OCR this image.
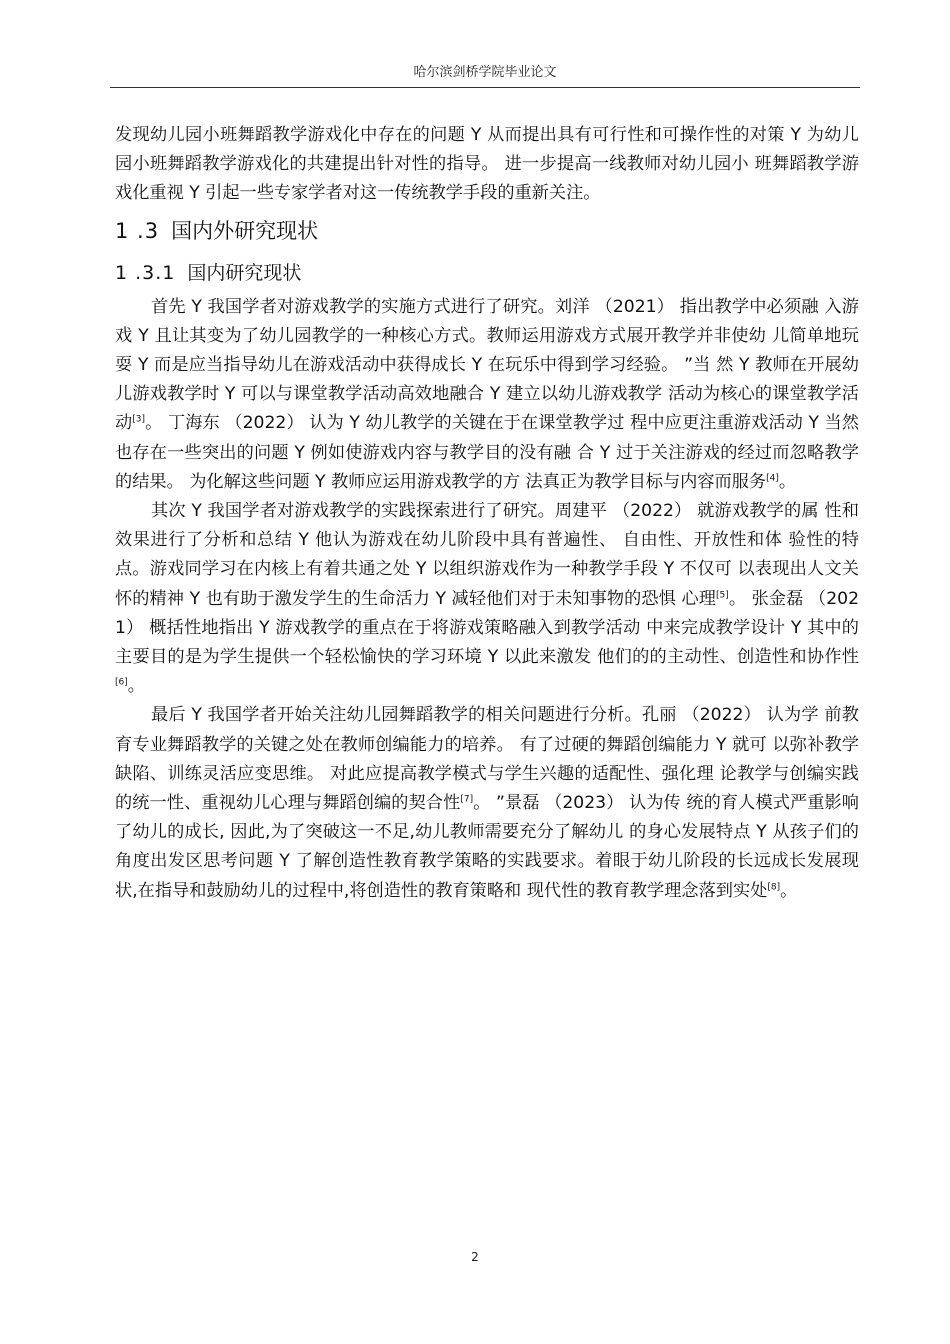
哈尔滨剑桥学院毕业论文

发现幼儿园小班舞蹈教学游戏化中存在的问题 Y 从而提出具有可行性和可操作性的对策 Y 为幼儿园小班舞蹈教学游戏化的共建提出针对性的指导。 进一步提高一线教师对幼儿园小 班舞蹈教学游戏化重视 Y 引起一些专家学者对这一传统教学手段的重新关注。

1 .3 国内外研究现状
1 .3.1 国内研究现状

首先 Y 我国学者对游戏教学的实施方式进行了研究。刘洋 （2021） 指出教学中必须融 入游戏 Y 且让其变为了幼儿园教学的一种核心方式。教师运用游戏方式展开教学并非使幼 儿简单地玩耍 Y 而是应当指导幼儿在游戏活动中获得成长 Y 在玩乐中得到学习经验。 ”当 然 Y 教师在开展幼儿游戏教学时 Y 可以与课堂教学活动高效地融合 Y 建立以幼儿游戏教学 活动为核心的课堂教学活动[3]。 丁海东 （2022） 认为 Y 幼儿教学的关键在于在课堂教学过 程中应更注重游戏活动 Y 当然也存在一些突出的问题 Y 例如使游戏内容与教学目的没有融 合 Y 过于关注游戏的经过而忽略教学的结果。 为化解这些问题 Y 教师应运用游戏教学的方 法真正为教学目标与内容而服务[4]。

其次 Y 我国学者对游戏教学的实践探索进行了研究。周建平 （2022） 就游戏教学的属 性和效果进行了分析和总结 Y 他认为游戏在幼儿阶段中具有普遍性、 自由性、开放性和体 验性的特点。游戏同学习在内核上有着共通之处 Y 以组织游戏作为一种教学手段 Y 不仅可 以表现出人文关怀的精神 Y 也有助于激发学生的生命活力 Y 减轻他们对于未知事物的恐惧 心理[5]。 张金磊 （2021） 概括性地指出 Y 游戏教学的重点在于将游戏策略融入到教学活动 中来完成教学设计 Y 其中的主要目的是为学生提供一个轻松愉快的学习环境 Y 以此来激发 他们的的主动性、创造性和协作性[6]。

最后 Y 我国学者开始关注幼儿园舞蹈教学的相关问题进行分析。孔丽 （2022） 认为学 前教育专业舞蹈教学的关键之处在教师创编能力的培养。 有了过硬的舞蹈创编能力 Y 就可 以弥补教学缺陷、训练灵活应变思维。 对此应提高教学模式与学生兴趣的适配性、强化理 论教学与创编实践的统一性、重视幼儿心理与舞蹈创编的契合性[7]。 ”景磊 （2023） 认为传 统的育人模式严重影响了幼儿的成长, 因此,为了突破这一不足,幼儿教师需要充分了解幼儿 的身心发展特点 Y 从孩子们的角度出发区思考问题 Y 了解创造性教育教学策略的实践要求。着眼于幼儿阶段的长远成长发展现状,在指导和鼓励幼儿的过程中,将创造性的教育策略和 现代性的教育教学理念落到实处[8]。

2
